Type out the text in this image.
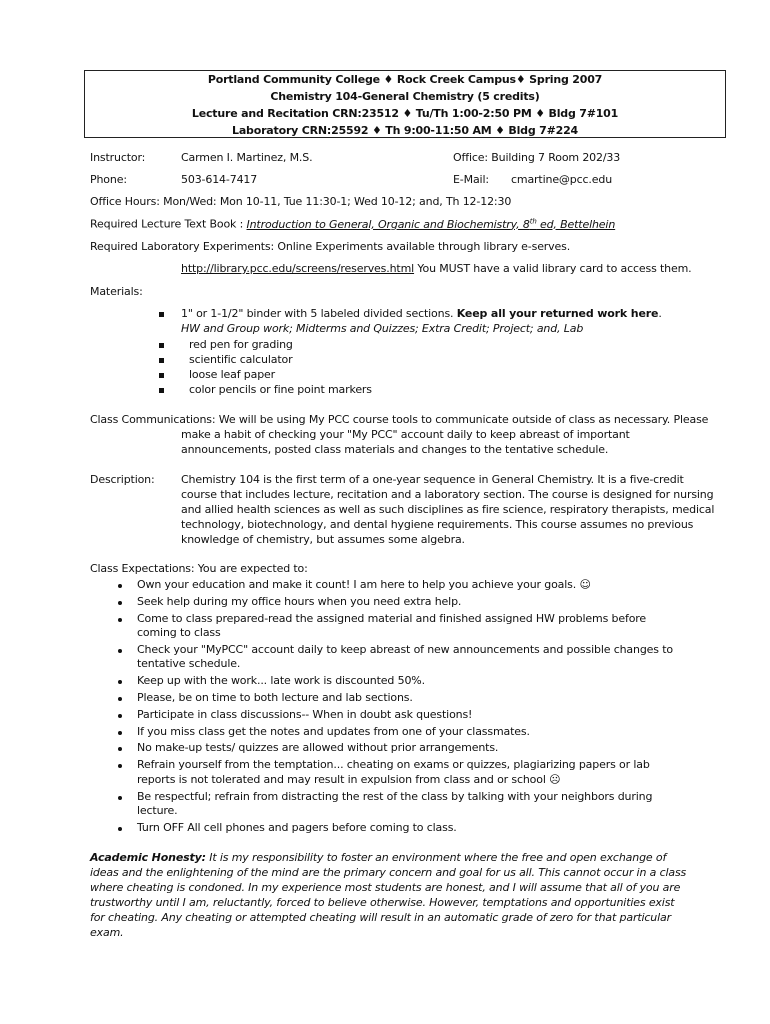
Portland Community College ♦ Rock Creek Campus♦ Spring 2007
Chemistry 104-General Chemistry (5 credits)
Lecture and Recitation CRN:23512 ♦ Tu/Th 1:00-2:50 PM ♦ Bldg 7#101
Laboratory CRN:25592 ♦ Th 9:00-11:50 AM ♦ Bldg 7#224
Instructor:	Carmen I. Martinez, M.S.	Office: Building 7 Room 202/33
Phone:	503-614-7417	E-Mail: cmartine@pcc.edu
Office Hours: Mon/Wed: Mon 10-11, Tue 11:30-1; Wed 10-12; and, Th 12-12:30
Required Lecture Text Book : Introduction to General, Organic and Biochemistry, 8th ed, Bettelhein
Required Laboratory Experiments: Online Experiments available through library e-serves.
http://library.pcc.edu/screens/reserves.html You MUST have a valid library card to access them.
Materials:
1" or 1-1/2" binder with 5 labeled divided sections. Keep all your returned work here.
HW and Group work; Midterms and Quizzes; Extra Credit; Project; and, Lab
red pen for grading
scientific calculator
loose leaf paper
color pencils or fine point markers
Class Communications: We will be using My PCC course tools to communicate outside of class as necessary. Please
make a habit of checking your "My PCC" account daily to keep abreast of important
announcements, posted class materials and changes to the tentative schedule.
Description: Chemistry 104 is the first term of a one-year sequence in General Chemistry. It is a five-credit
course that includes lecture, recitation and a laboratory section. The course is designed for nursing
and allied health sciences as well as such disciplines as fire science, respiratory therapists, medical
technology, biotechnology, and dental hygiene requirements. This course assumes no previous
knowledge of chemistry, but assumes some algebra.
Class Expectations: You are expected to:
Own your education and make it count! I am here to help you achieve your goals. ☺
Seek help during my office hours when you need extra help.
Come to class prepared-read the assigned material and finished assigned HW problems before
coming to class
Check your "MyPCC" account daily to keep abreast of new announcements and possible changes to
tentative schedule.
Keep up with the work... late work is discounted 50%.
Please, be on time to both lecture and lab sections.
Participate in class discussions-- When in doubt ask questions!
If you miss class get the notes and updates from one of your classmates.
No make-up tests/ quizzes are allowed without prior arrangements.
Refrain yourself from the temptation... cheating on exams or quizzes, plagiarizing papers or lab
reports is not tolerated and may result in expulsion from class and or school ☹
Be respectful; refrain from distracting the rest of the class by talking with your neighbors during
lecture.
Turn OFF All cell phones and pagers before coming to class.
Academic Honesty: It is my responsibility to foster an environment where the free and open exchange of
ideas and the enlightening of the mind are the primary concern and goal for us all. This cannot occur in a class
where cheating is condoned. In my experience most students are honest, and I will assume that all of you are
trustworthy until I am, reluctantly, forced to believe otherwise. However, temptations and opportunities exist
for cheating. Any cheating or attempted cheating will result in an automatic grade of zero for that particular
exam.
